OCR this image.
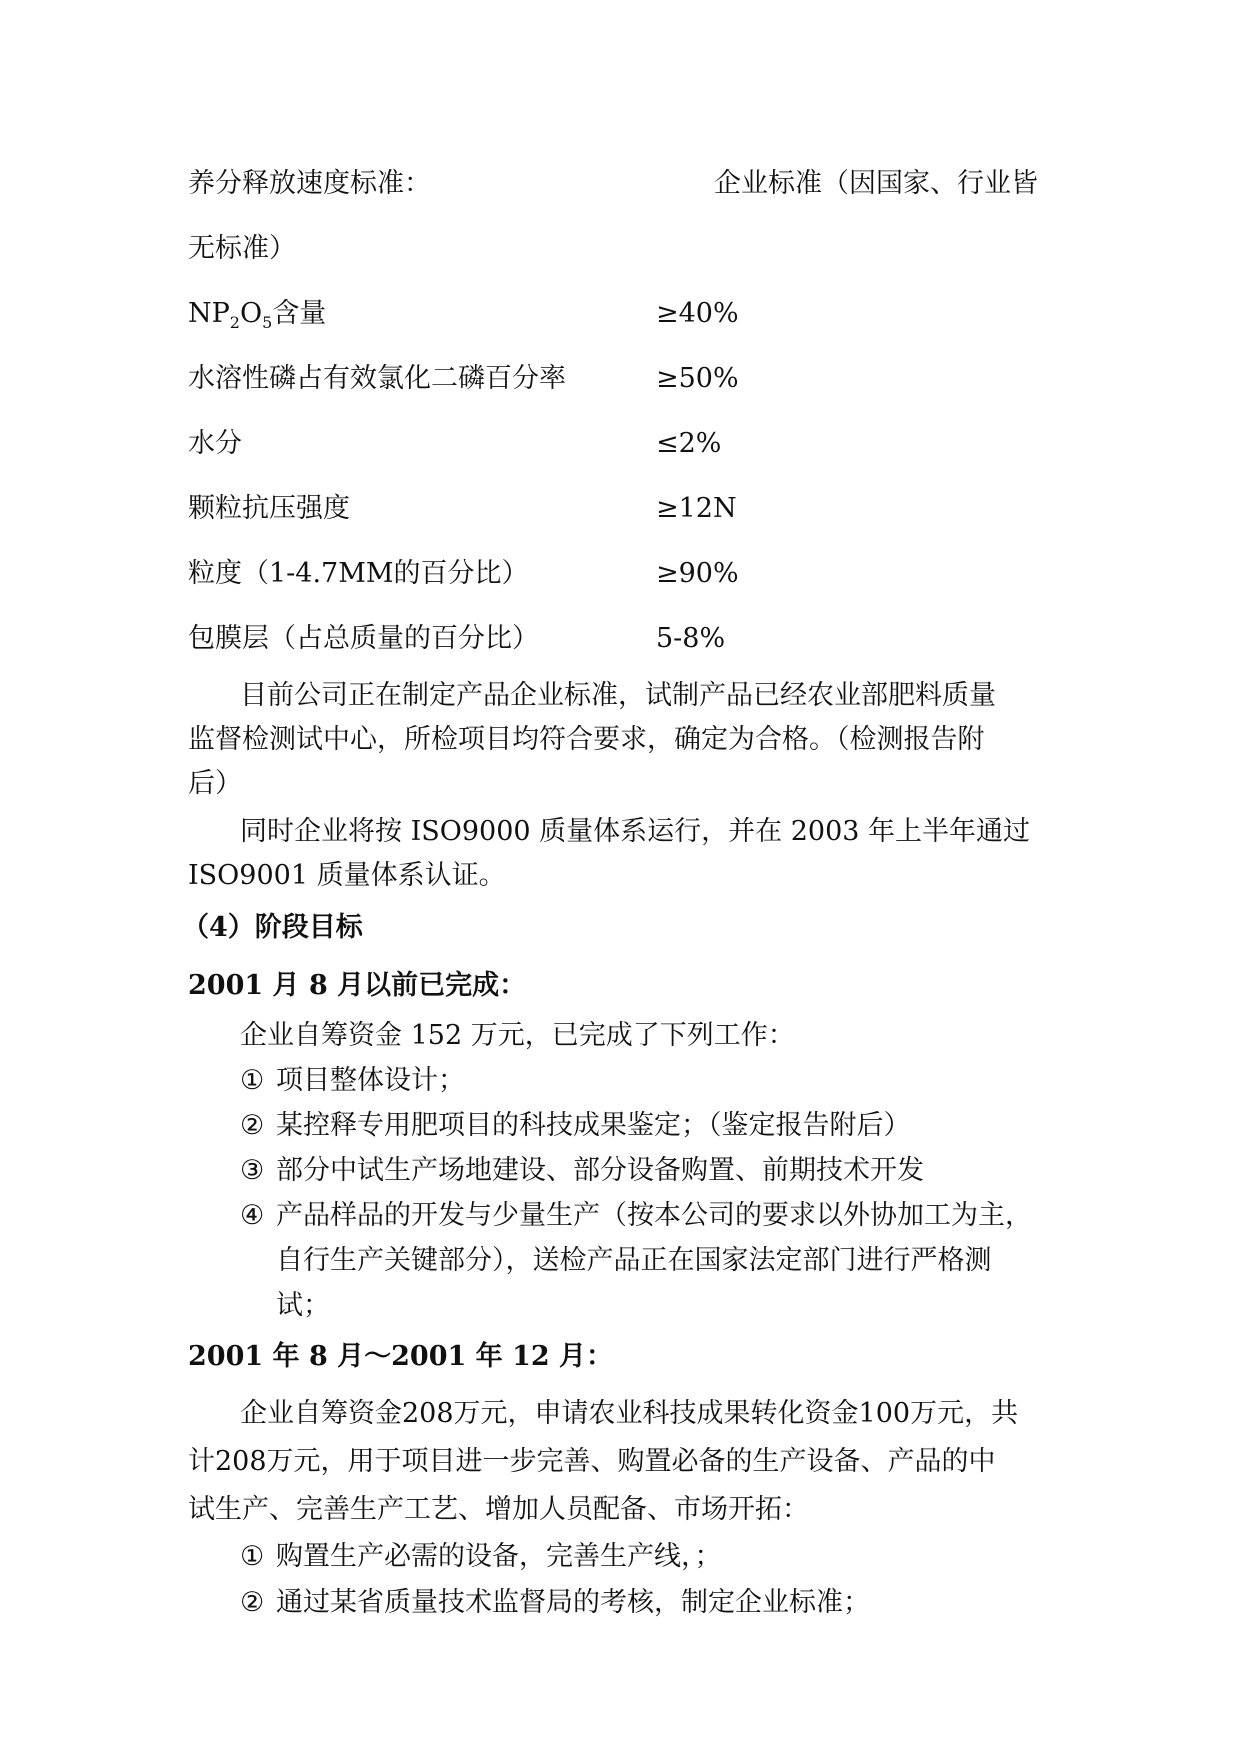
养分释放速度标准：	企业标准（因国家、行业皆
无标准）
$NP_2O_5$含量	≥40%
水溶性磷占有效氯化二磷百分率	≥50%
水分	≤2%
颗粒抗压强度	≥12N
粒度（1-4.7MM的百分比）	≥90%
包膜层（占总质量的百分比）	5-8%
目前公司正在制定产品企业标准，试制产品已经农业部肥料质量
监督检测试中心，所检项目均符合要求，确定为合格。（检测报告附
后）
同时企业将按 ISO9000 质量体系运行，并在 2003 年上半年通过
ISO9001 质量体系认证。
（4）阶段目标
2001 月 8 月以前已完成：
企业自筹资金 152 万元，已完成了下列工作：
① 项目整体设计；
② 某控释专用肥项目的科技成果鉴定；（鉴定报告附后）
③ 部分中试生产场地建设、部分设备购置、前期技术开发
④ 产品样品的开发与少量生产（按本公司的要求以外协加工为主，
自行生产关键部分），送检产品正在国家法定部门进行严格测
试；
2001 年 8 月～2001 年 12 月：
企业自筹资金208万元，申请农业科技成果转化资金100万元，共
计208万元，用于项目进一步完善、购置必备的生产设备、产品的中
试生产、完善生产工艺、增加人员配备、市场开拓：
① 购置生产必需的设备，完善生产线，；
② 通过某省质量技术监督局的考核，制定企业标准；
